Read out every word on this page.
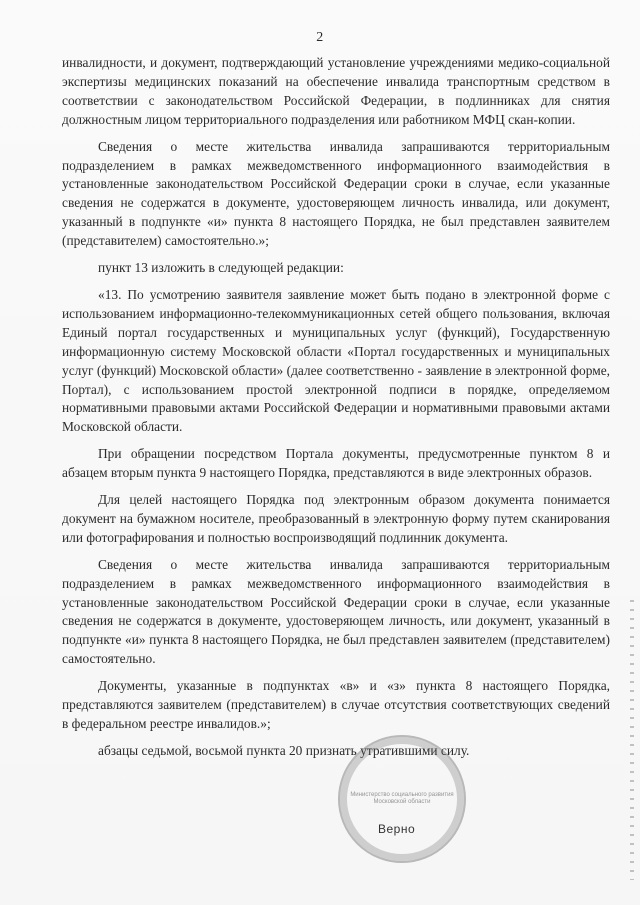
2

инвалидности, и документ, подтверждающий установление учреждениями медико-социальной экспертизы медицинских показаний на обеспечение инвалида транспортным средством в соответствии с законодательством Российской Федерации, в подлинниках для снятия должностным лицом территориального подразделения или работником МФЦ скан-копии.

Сведения о месте жительства инвалида запрашиваются территориальным подразделением в рамках межведомственного информационного взаимодействия в установленные законодательством Российской Федерации сроки в случае, если указанные сведения не содержатся в документе, удостоверяющем личность инвалида, или документ, указанный в подпункте «и» пункта 8 настоящего Порядка, не был представлен заявителем (представителем) самостоятельно.»;

пункт 13 изложить в следующей редакции:

«13. По усмотрению заявителя заявление может быть подано в электронной форме с использованием информационно-телекоммуникационных сетей общего пользования, включая Единый портал государственных и муниципальных услуг (функций), Государственную информационную систему Московской области «Портал государственных и муниципальных услуг (функций) Московской области» (далее соответственно - заявление в электронной форме, Портал), с использованием простой электронной подписи в порядке, определяемом нормативными правовыми актами Российской Федерации и нормативными правовыми актами Московской области.

При обращении посредством Портала документы, предусмотренные пунктом 8 и абзацем вторым пункта 9 настоящего Порядка, представляются в виде электронных образов.

Для целей настоящего Порядка под электронным образом документа понимается документ на бумажном носителе, преобразованный в электронную форму путем сканирования или фотографирования и полностью воспроизводящий подлинник документа.

Сведения о месте жительства инвалида запрашиваются территориальным подразделением в рамках межведомственного информационного взаимодействия в установленные законодательством Российской Федерации сроки в случае, если указанные сведения не содержатся в документе, удостоверяющем личность, или документ, указанный в подпункте «и» пункта 8 настоящего Порядка, не был представлен заявителем (представителем) самостоятельно.

Документы, указанные в подпунктах «в» и «з» пункта 8 настоящего Порядка, представляются заявителем (представителем) в случае отсутствия соответствующих сведений в федеральном реестре инвалидов.»;

абзацы седьмой, восьмой пункта 20 признать утратившими силу.

Министерство социального развития Московской области
Верно
